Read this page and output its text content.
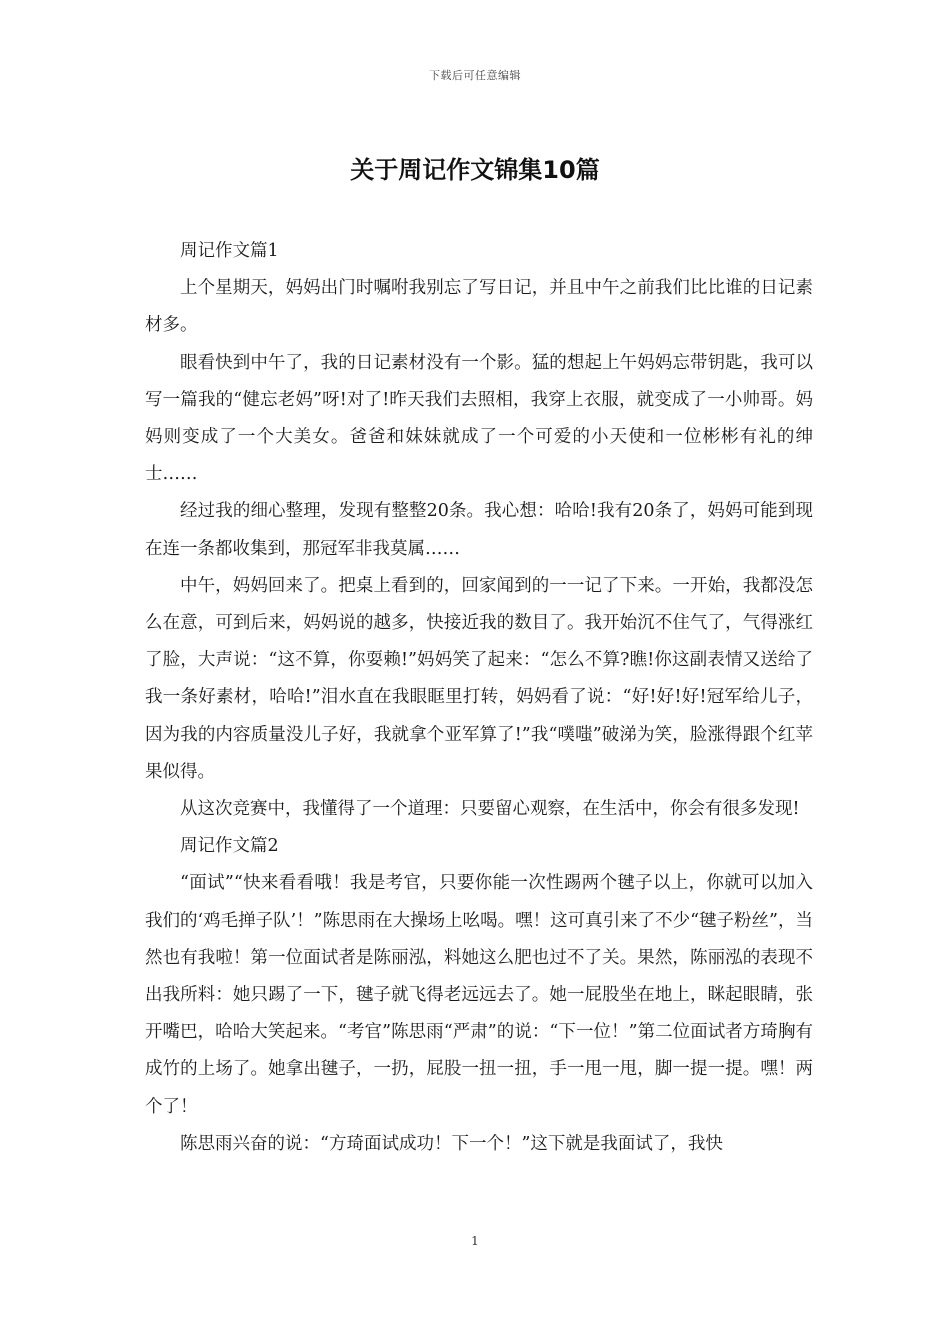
下载后可任意编辑
关于周记作文锦集10篇

周记作文篇1

上个星期天，妈妈出门时嘱咐我别忘了写日记，并且中午之前我们比比谁的日记素材多。

眼看快到中午了，我的日记素材没有一个影。猛的想起上午妈妈忘带钥匙，我可以写一篇我的“健忘老妈”呀!对了!昨天我们去照相，我穿上衣服，就变成了一小帅哥。妈妈则变成了一个大美女。爸爸和妹妹就成了一个可爱的小天使和一位彬彬有礼的绅士……

经过我的细心整理，发现有整整20条。我心想：哈哈!我有20条了，妈妈可能到现在连一条都收集到，那冠军非我莫属……

中午，妈妈回来了。把桌上看到的，回家闻到的一一记了下来。一开始，我都没怎么在意，可到后来，妈妈说的越多，快接近我的数目了。我开始沉不住气了，气得涨红了脸，大声说：“这不算，你耍赖!”妈妈笑了起来：“怎么不算?瞧!你这副表情又送给了我一条好素材，哈哈!”泪水直在我眼眶里打转，妈妈看了说：“好!好!好!冠军给儿子，因为我的内容质量没儿子好，我就拿个亚军算了!”我“噗嗤”破涕为笑，脸涨得跟个红苹果似得。

从这次竞赛中，我懂得了一个道理：只要留心观察，在生活中，你会有很多发现!

周记作文篇2

“面试”“快来看看哦！我是考官，只要你能一次性踢两个毽子以上，你就可以加入我们的‘鸡毛掸子队’！”陈思雨在大操场上吆喝。嘿！这可真引来了不少“毽子粉丝”，当然也有我啦！第一位面试者是陈丽泓，料她这么肥也过不了关。果然，陈丽泓的表现不出我所料：她只踢了一下，毽子就飞得老远远去了。她一屁股坐在地上，眯起眼睛，张开嘴巴，哈哈大笑起来。“考官”陈思雨“严肃”的说：“下一位！”第二位面试者方琦胸有成竹的上场了。她拿出毽子，一扔，屁股一扭一扭，手一甩一甩，脚一提一提。嘿！两个了！

陈思雨兴奋的说：“方琦面试成功！下一个！”这下就是我面试了，我快

1
